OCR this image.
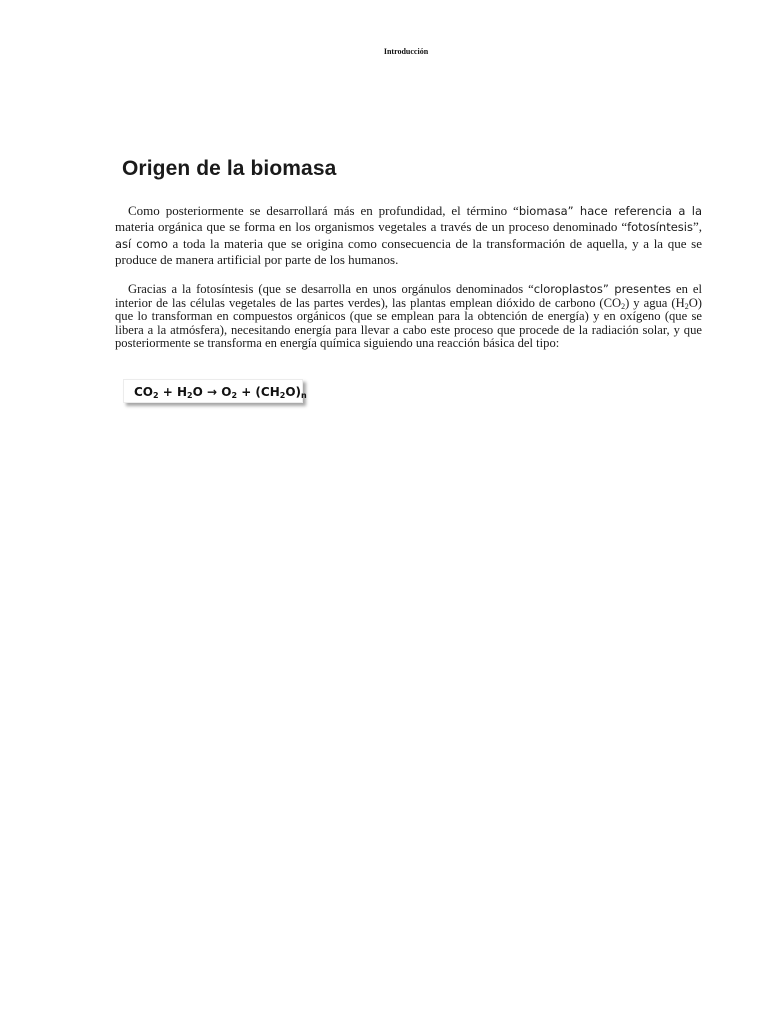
Introducción
Origen de la biomasa

Como posteriormente se desarrollará más en profundidad, el término “biomasa” hace referencia a la materia orgánica que se forma en los organismos vegetales a través de un proceso denominado “fotosíntesis”, así como a toda la materia que se origina como consecuencia de la transformación de aquella, y a la que se produce de manera artificial por parte de los humanos.

Gracias a la fotosíntesis (que se desarrolla en unos orgánulos denominados “cloroplastos” presentes en el interior de las células vegetales de las partes verdes), las plantas emplean dióxido de carbono $(CO_2)$ y agua $(H_2O)$ que lo transforman en compuestos orgánicos (que se emplean para la obtención de energía) y en oxígeno (que se libera a la atmósfera), necesitando energía para llevar a cabo este proceso que procede de la radiación solar, y que posteriormente se transforma en energía química siguiendo una reacción básica del tipo:

$CO_2 + H_2O \to O_2 + (CH_2O)_n$
